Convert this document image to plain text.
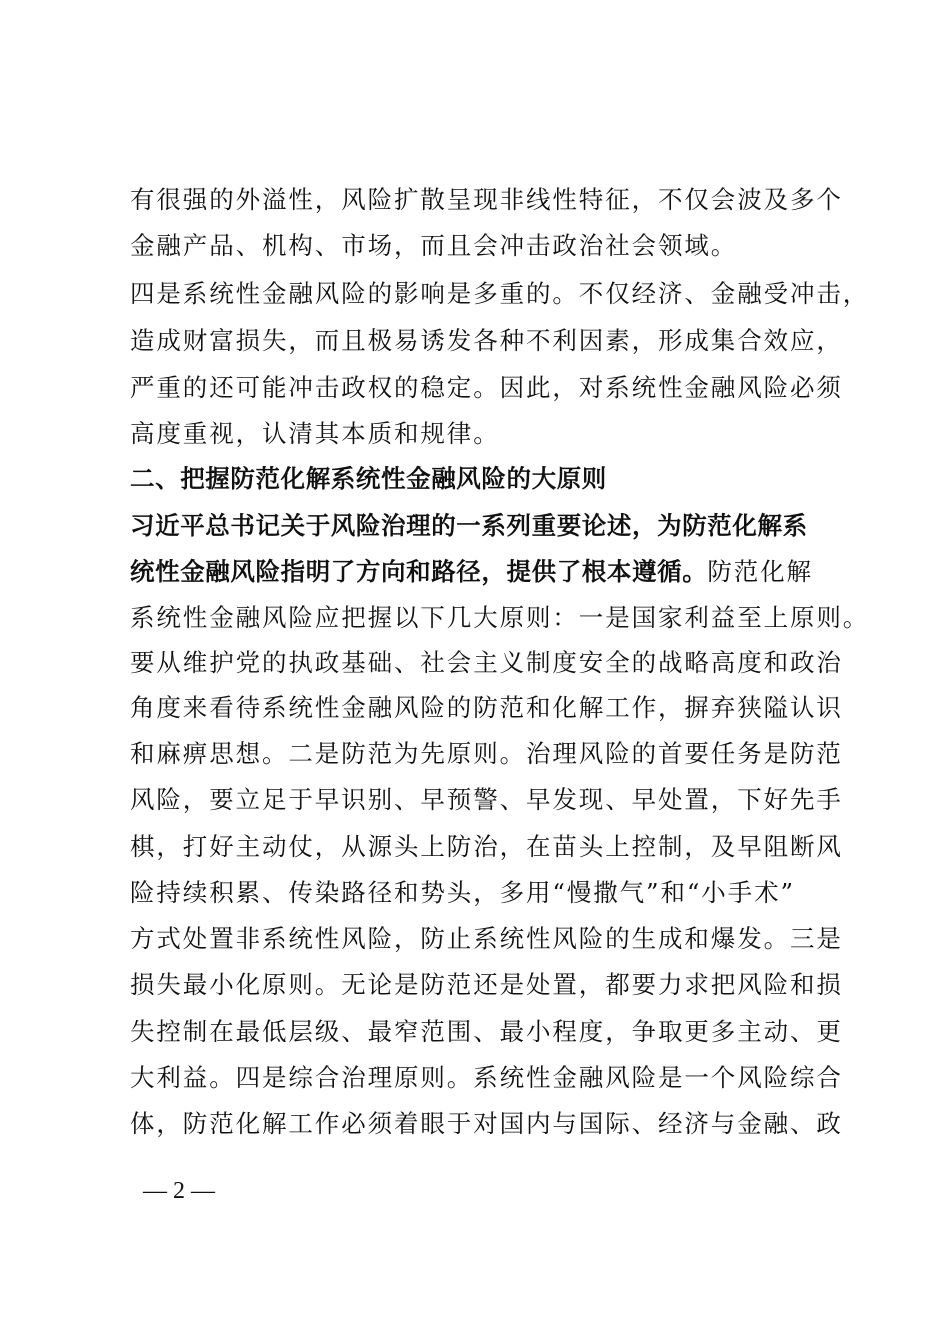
有很强的外溢性，风险扩散呈现非线性特征，不仅会波及多个
金融产品、机构、市场，而且会冲击政治社会领域。
四是系统性金融风险的影响是多重的。不仅经济、金融受冲击，
造成财富损失，而且极易诱发各种不利因素，形成集合效应，
严重的还可能冲击政权的稳定。因此，对系统性金融风险必须
高度重视，认清其本质和规律。
二、把握防范化解系统性金融风险的大原则
习近平总书记关于风险治理的一系列重要论述，为防范化解系
统性金融风险指明了方向和路径，提供了根本遵循。防范化解
系统性金融风险应把握以下几大原则：一是国家利益至上原则。
要从维护党的执政基础、社会主义制度安全的战略高度和政治
角度来看待系统性金融风险的防范和化解工作，摒弃狭隘认识
和麻痹思想。二是防范为先原则。治理风险的首要任务是防范
风险，要立足于早识别、早预警、早发现、早处置，下好先手
棋，打好主动仗，从源头上防治，在苗头上控制，及早阻断风
险持续积累、传染路径和势头，多用“慢撒气”和“小手术”
方式处置非系统性风险，防止系统性风险的生成和爆发。三是
损失最小化原则。无论是防范还是处置，都要力求把风险和损
失控制在最低层级、最窄范围、最小程度，争取更多主动、更
大利益。四是综合治理原则。系统性金融风险是一个风险综合
体，防范化解工作必须着眼于对国内与国际、经济与金融、政
— 2 —
